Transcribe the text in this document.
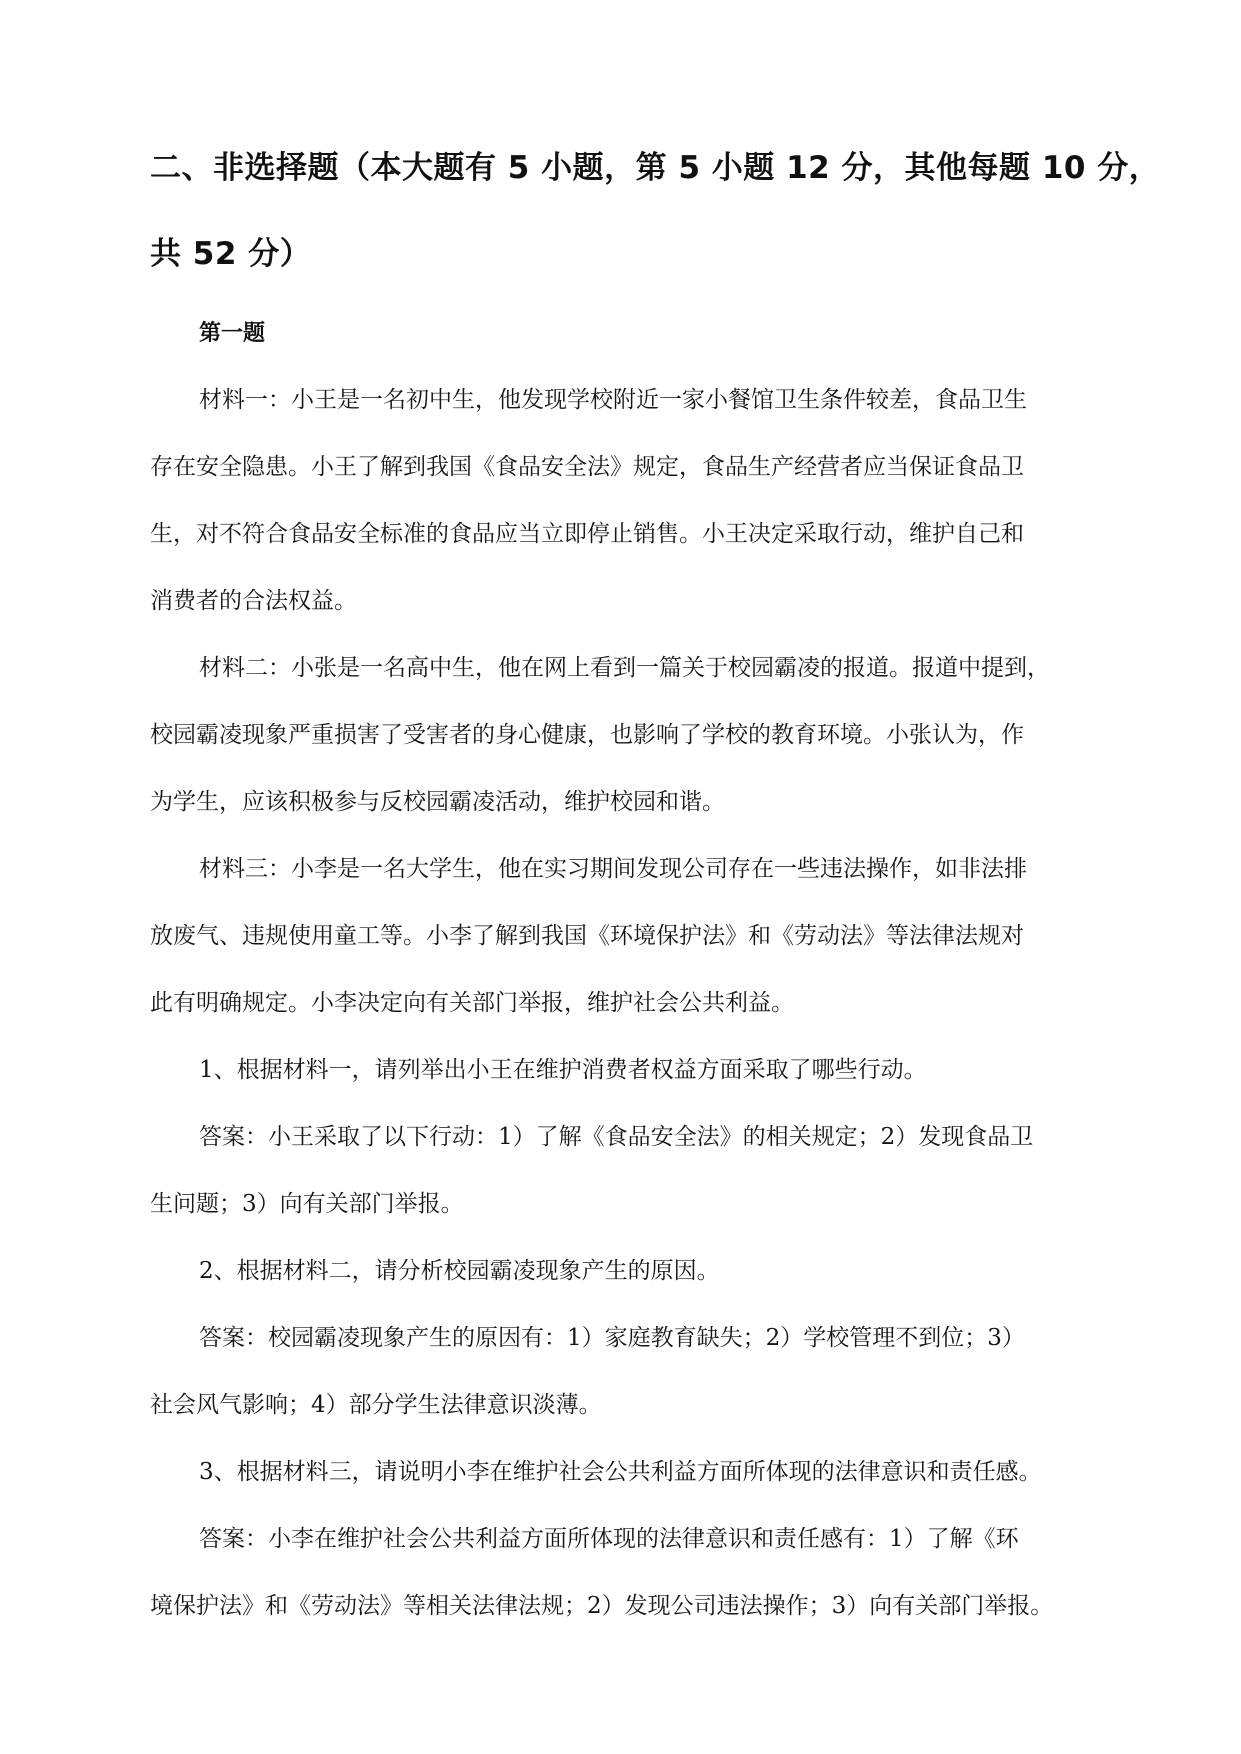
二、非选择题（本大题有 5 小题，第 5 小题 12 分，其他每题 10 分，
共 52 分）
第一题
材料一：小王是一名初中生，他发现学校附近一家小餐馆卫生条件较差，食品卫生
存在安全隐患。小王了解到我国《食品安全法》规定，食品生产经营者应当保证食品卫
生，对不符合食品安全标准的食品应当立即停止销售。小王决定采取行动，维护自己和
消费者的合法权益。
材料二：小张是一名高中生，他在网上看到一篇关于校园霸凌的报道。报道中提到，
校园霸凌现象严重损害了受害者的身心健康，也影响了学校的教育环境。小张认为，作
为学生，应该积极参与反校园霸凌活动，维护校园和谐。
材料三：小李是一名大学生，他在实习期间发现公司存在一些违法操作，如非法排
放废气、违规使用童工等。小李了解到我国《环境保护法》和《劳动法》等法律法规对
此有明确规定。小李决定向有关部门举报，维护社会公共利益。
1、根据材料一，请列举出小王在维护消费者权益方面采取了哪些行动。
答案：小王采取了以下行动：1）了解《食品安全法》的相关规定；2）发现食品卫
生问题；3）向有关部门举报。
2、根据材料二，请分析校园霸凌现象产生的原因。
答案：校园霸凌现象产生的原因有：1）家庭教育缺失；2）学校管理不到位；3）
社会风气影响；4）部分学生法律意识淡薄。
3、根据材料三，请说明小李在维护社会公共利益方面所体现的法律意识和责任感。
答案：小李在维护社会公共利益方面所体现的法律意识和责任感有：1）了解《环
境保护法》和《劳动法》等相关法律法规；2）发现公司违法操作；3）向有关部门举报。
